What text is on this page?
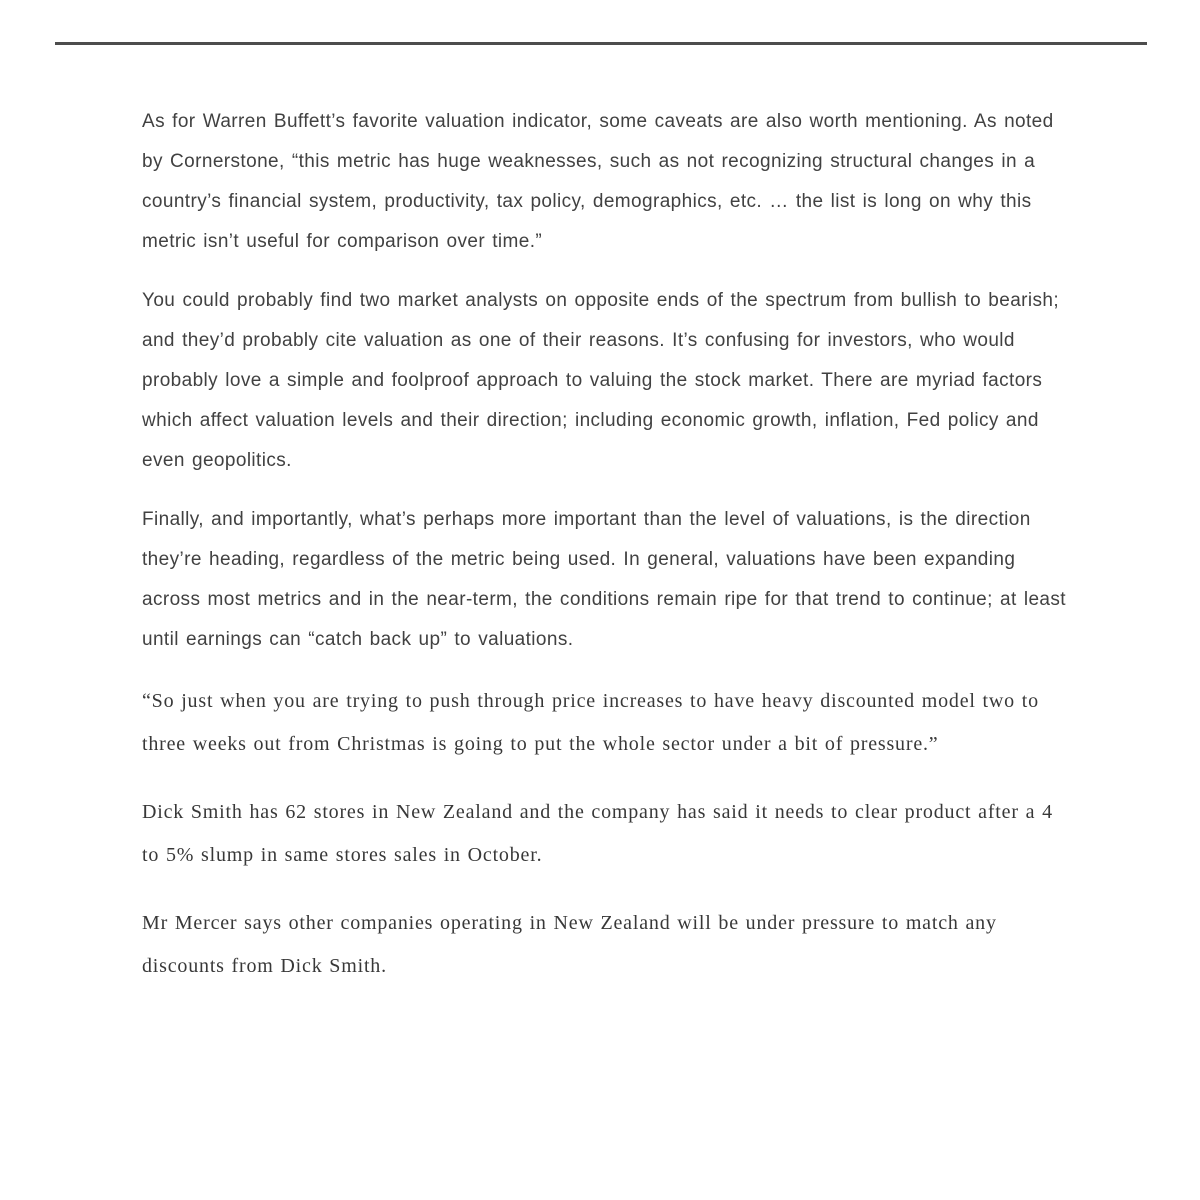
As for Warren Buffett’s favorite valuation indicator, some caveats are also worth mentioning. As noted by Cornerstone, “this metric has huge weaknesses, such as not recognizing structural changes in a country’s financial system, productivity, tax policy, demographics, etc. … the list is long on why this metric isn’t useful for comparison over time.”

You could probably find two market analysts on opposite ends of the spectrum from bullish to bearish; and they’d probably cite valuation as one of their reasons. It’s confusing for investors, who would probably love a simple and foolproof approach to valuing the stock market. There are myriad factors which affect valuation levels and their direction; including economic growth, inflation, Fed policy and even geopolitics.

Finally, and importantly, what’s perhaps more important than the level of valuations, is the direction they’re heading, regardless of the metric being used. In general, valuations have been expanding across most metrics and in the near-term, the conditions remain ripe for that trend to continue; at least until earnings can “catch back up” to valuations.

“So just when you are trying to push through price increases to have heavy discounted model two to three weeks out from Christmas is going to put the whole sector under a bit of pressure.”

Dick Smith has 62 stores in New Zealand and the company has said it needs to clear product after a 4 to 5% slump in same stores sales in October.

Mr Mercer says other companies operating in New Zealand will be under pressure to match any discounts from Dick Smith.
